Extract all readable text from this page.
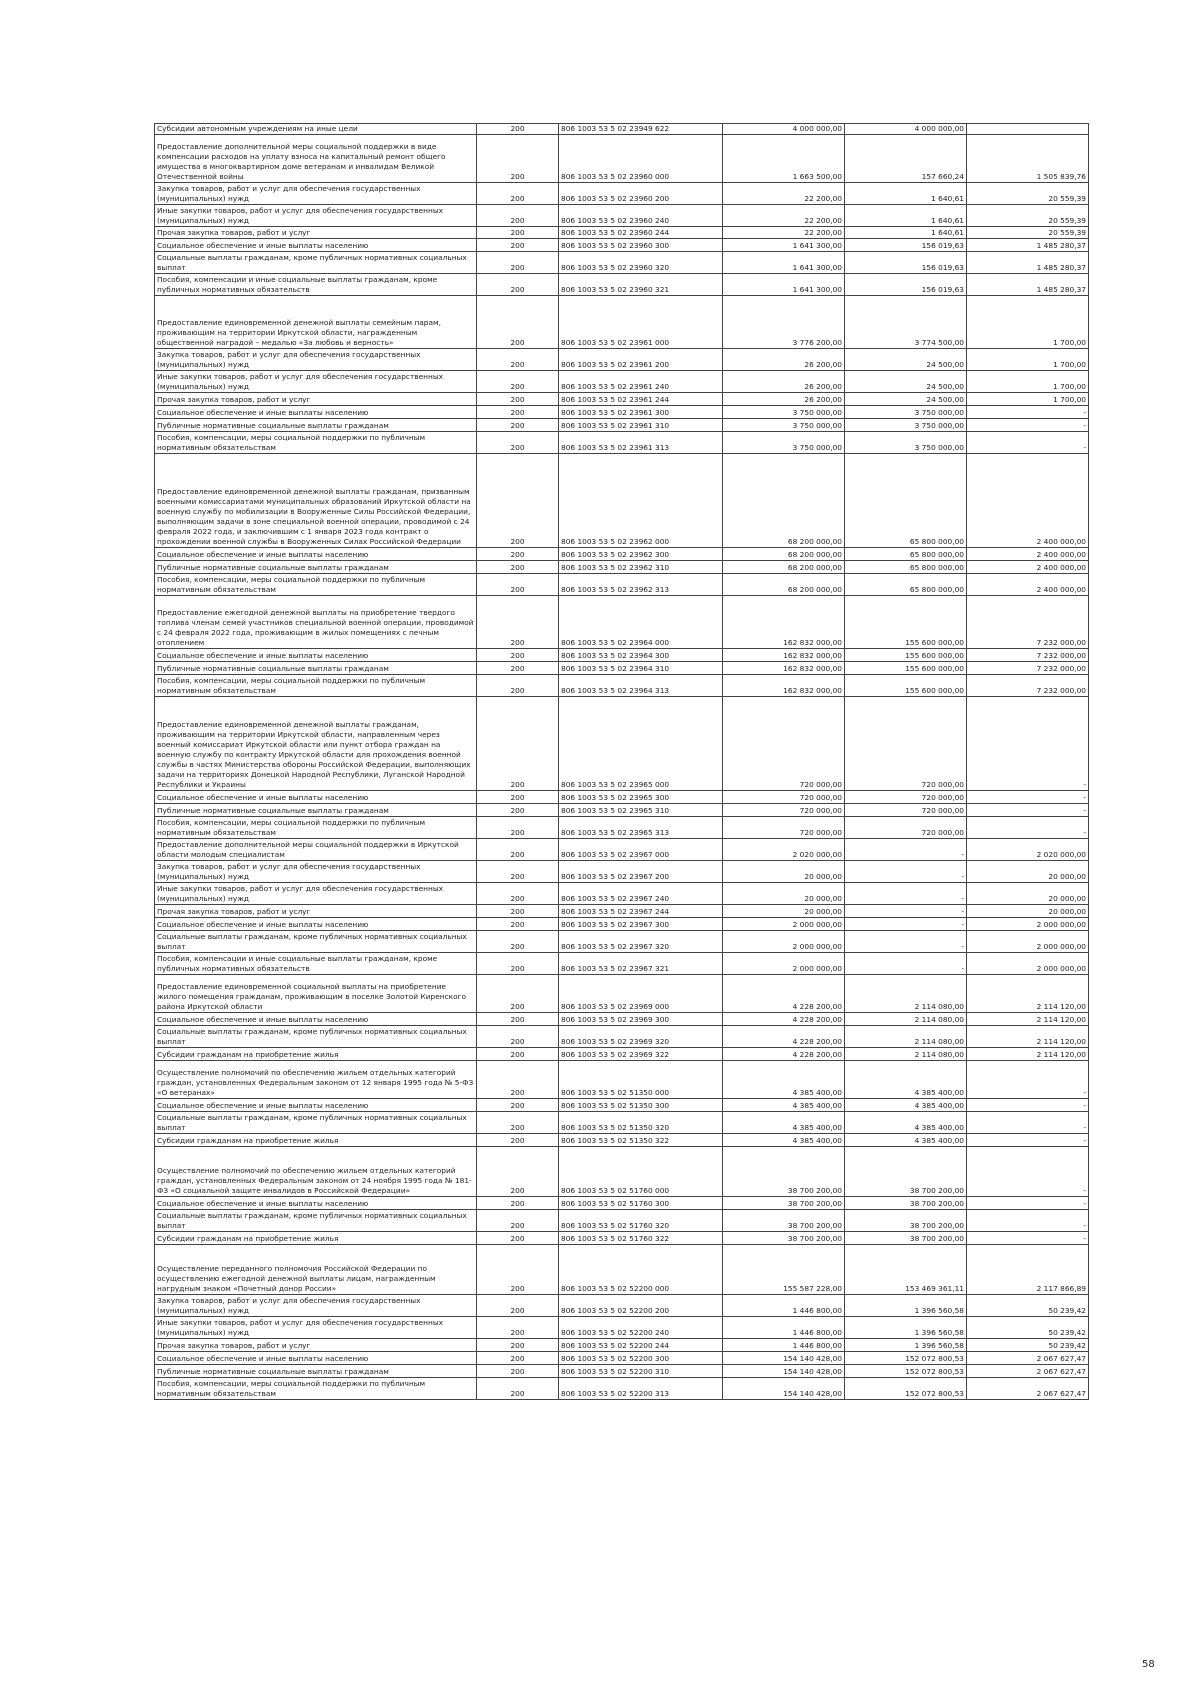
Субсидии автономным учреждениям на иные цели	200	806 1003 53 5 02 23949 622	4 000 000,00	4 000 000,00	
Предоставление дополнительной меры социальной поддержки в виде компенсации расходов на уплату взноса на капитальный ремонт общего имущества в многоквартирном доме ветеранам и инвалидам Великой Отечественной войны	200	806 1003 53 5 02 23960 000	1 663 500,00	157 660,24	1 505 839,76
Закупка товаров, работ и услуг для обеспечения государственных (муниципальных) нужд	200	806 1003 53 5 02 23960 200	22 200,00	1 640,61	20 559,39
Иные закупки товаров, работ и услуг для обеспечения государственных (муниципальных) нужд	200	806 1003 53 5 02 23960 240	22 200,00	1 640,61	20 559,39
Прочая закупка товаров, работ и услуг	200	806 1003 53 5 02 23960 244	22 200,00	1 640,61	20 559,39
Социальное обеспечение и иные выплаты населению	200	806 1003 53 5 02 23960 300	1 641 300,00	156 019,63	1 485 280,37
Социальные выплаты гражданам, кроме публичных нормативных социальных выплат	200	806 1003 53 5 02 23960 320	1 641 300,00	156 019,63	1 485 280,37
Пособия, компенсации и иные социальные выплаты гражданам, кроме публичных нормативных обязательств	200	806 1003 53 5 02 23960 321	1 641 300,00	156 019,63	1 485 280,37
Предоставление единовременной денежной выплаты семейным парам, проживающим на территории Иркутской области, награжденным общественной наградой – медалью «За любовь и верность»	200	806 1003 53 5 02 23961 000	3 776 200,00	3 774 500,00	1 700,00
Закупка товаров, работ и услуг для обеспечения государственных (муниципальных) нужд	200	806 1003 53 5 02 23961 200	26 200,00	24 500,00	1 700,00
Иные закупки товаров, работ и услуг для обеспечения государственных (муниципальных) нужд	200	806 1003 53 5 02 23961 240	26 200,00	24 500,00	1 700,00
Прочая закупка товаров, работ и услуг	200	806 1003 53 5 02 23961 244	26 200,00	24 500,00	1 700,00
Социальное обеспечение и иные выплаты населению	200	806 1003 53 5 02 23961 300	3 750 000,00	3 750 000,00	-
Публичные нормативные социальные выплаты гражданам	200	806 1003 53 5 02 23961 310	3 750 000,00	3 750 000,00	-
Пособия, компенсации, меры социальной поддержки по публичным нормативным обязательствам	200	806 1003 53 5 02 23961 313	3 750 000,00	3 750 000,00	-
Предоставление единовременной денежной выплаты гражданам, призванным военными комиссариатами муниципальных образований Иркутской области на военную службу по мобилизации в Вооруженные Силы Российской Федерации, выполняющим задачи в зоне специальной военной операции, проводимой с 24 февраля 2022 года, и заключившим с 1 января 2023 года контракт о прохождении военной службы в Вооруженных Силах Российской Федерации	200	806 1003 53 5 02 23962 000	68 200 000,00	65 800 000,00	2 400 000,00
Социальное обеспечение и иные выплаты населению	200	806 1003 53 5 02 23962 300	68 200 000,00	65 800 000,00	2 400 000,00
Публичные нормативные социальные выплаты гражданам	200	806 1003 53 5 02 23962 310	68 200 000,00	65 800 000,00	2 400 000,00
Пособия, компенсации, меры социальной поддержки по публичным нормативным обязательствам	200	806 1003 53 5 02 23962 313	68 200 000,00	65 800 000,00	2 400 000,00
Предоставление ежегодной денежной выплаты на приобретение твердого топлива членам семей участников специальной военной операции, проводимой с 24 февраля 2022 года, проживающим в жилых помещениях с печным отоплением	200	806 1003 53 5 02 23964 000	162 832 000,00	155 600 000,00	7 232 000,00
Социальное обеспечение и иные выплаты населению	200	806 1003 53 5 02 23964 300	162 832 000,00	155 600 000,00	7 232 000,00
Публичные нормативные социальные выплаты гражданам	200	806 1003 53 5 02 23964 310	162 832 000,00	155 600 000,00	7 232 000,00
Пособия, компенсации, меры социальной поддержки по публичным нормативным обязательствам	200	806 1003 53 5 02 23964 313	162 832 000,00	155 600 000,00	7 232 000,00
Предоставление единовременной денежной выплаты гражданам, проживающим на территории Иркутской области, направленным через военный комиссариат Иркутской области или пункт отбора граждан на военную службу по контракту Иркутской области для прохождения военной службы в частях Министерства обороны Российской Федерации, выполняющих задачи на территориях Донецкой Народной Республики, Луганской Народной Республики и Украины	200	806 1003 53 5 02 23965 000	720 000,00	720 000,00	-
Социальное обеспечение и иные выплаты населению	200	806 1003 53 5 02 23965 300	720 000,00	720 000,00	-
Публичные нормативные социальные выплаты гражданам	200	806 1003 53 5 02 23965 310	720 000,00	720 000,00	-
Пособия, компенсации, меры социальной поддержки по публичным нормативным обязательствам	200	806 1003 53 5 02 23965 313	720 000,00	720 000,00	-
Предоставление дополнительной меры социальной поддержки в Иркутской области молодым специалистам	200	806 1003 53 5 02 23967 000	2 020 000,00	-	2 020 000,00
Закупка товаров, работ и услуг для обеспечения государственных (муниципальных) нужд	200	806 1003 53 5 02 23967 200	20 000,00	-	20 000,00
Иные закупки товаров, работ и услуг для обеспечения государственных (муниципальных) нужд	200	806 1003 53 5 02 23967 240	20 000,00	-	20 000,00
Прочая закупка товаров, работ и услуг	200	806 1003 53 5 02 23967 244	20 000,00	-	20 000,00
Социальное обеспечение и иные выплаты населению	200	806 1003 53 5 02 23967 300	2 000 000,00	-	2 000 000,00
Социальные выплаты гражданам, кроме публичных нормативных социальных выплат	200	806 1003 53 5 02 23967 320	2 000 000,00	-	2 000 000,00
Пособия, компенсации и иные социальные выплаты гражданам, кроме публичных нормативных обязательств	200	806 1003 53 5 02 23967 321	2 000 000,00	-	2 000 000,00
Предоставление единовременной социальной выплаты на приобретение жилого помещения гражданам, проживающим в поселке Золотой Киренского района Иркутской области	200	806 1003 53 5 02 23969 000	4 228 200,00	2 114 080,00	2 114 120,00
Социальное обеспечение и иные выплаты населению	200	806 1003 53 5 02 23969 300	4 228 200,00	2 114 080,00	2 114 120,00
Социальные выплаты гражданам, кроме публичных нормативных социальных выплат	200	806 1003 53 5 02 23969 320	4 228 200,00	2 114 080,00	2 114 120,00
Субсидии гражданам на приобретение жилья	200	806 1003 53 5 02 23969 322	4 228 200,00	2 114 080,00	2 114 120,00
Осуществление полномочий по обеспечению жильем отдельных категорий граждан, установленных Федеральным законом от 12 января 1995 года № 5-ФЗ «О ветеранах»	200	806 1003 53 5 02 51350 000	4 385 400,00	4 385 400,00	-
Социальное обеспечение и иные выплаты населению	200	806 1003 53 5 02 51350 300	4 385 400,00	4 385 400,00	-
Социальные выплаты гражданам, кроме публичных нормативных социальных выплат	200	806 1003 53 5 02 51350 320	4 385 400,00	4 385 400,00	-
Субсидии гражданам на приобретение жилья	200	806 1003 53 5 02 51350 322	4 385 400,00	4 385 400,00	-
Осуществление полномочий по обеспечению жильем отдельных категорий граждан, установленных Федеральным законом от 24 ноября 1995 года № 181-ФЗ «О социальной защите инвалидов в Российской Федерации»	200	806 1003 53 5 02 51760 000	38 700 200,00	38 700 200,00	-
Социальное обеспечение и иные выплаты населению	200	806 1003 53 5 02 51760 300	38 700 200,00	38 700 200,00	-
Социальные выплаты гражданам, кроме публичных нормативных социальных выплат	200	806 1003 53 5 02 51760 320	38 700 200,00	38 700 200,00	-
Субсидии гражданам на приобретение жилья	200	806 1003 53 5 02 51760 322	38 700 200,00	38 700 200,00	-
Осуществление переданного полномочия Российской Федерации по осуществлению ежегодной денежной выплаты лицам, награжденным нагрудным знаком «Почетный донор России»	200	806 1003 53 5 02 52200 000	155 587 228,00	153 469 361,11	2 117 866,89
Закупка товаров, работ и услуг для обеспечения государственных (муниципальных) нужд	200	806 1003 53 5 02 52200 200	1 446 800,00	1 396 560,58	50 239,42
Иные закупки товаров, работ и услуг для обеспечения государственных (муниципальных) нужд	200	806 1003 53 5 02 52200 240	1 446 800,00	1 396 560,58	50 239,42
Прочая закупка товаров, работ и услуг	200	806 1003 53 5 02 52200 244	1 446 800,00	1 396 560,58	50 239,42
Социальное обеспечение и иные выплаты населению	200	806 1003 53 5 02 52200 300	154 140 428,00	152 072 800,53	2 067 627,47
Публичные нормативные социальные выплаты гражданам	200	806 1003 53 5 02 52200 310	154 140 428,00	152 072 800,53	2 067 627,47
Пособия, компенсации, меры социальной поддержки по публичным нормативным обязательствам	200	806 1003 53 5 02 52200 313	154 140 428,00	152 072 800,53	2 067 627,47
58
